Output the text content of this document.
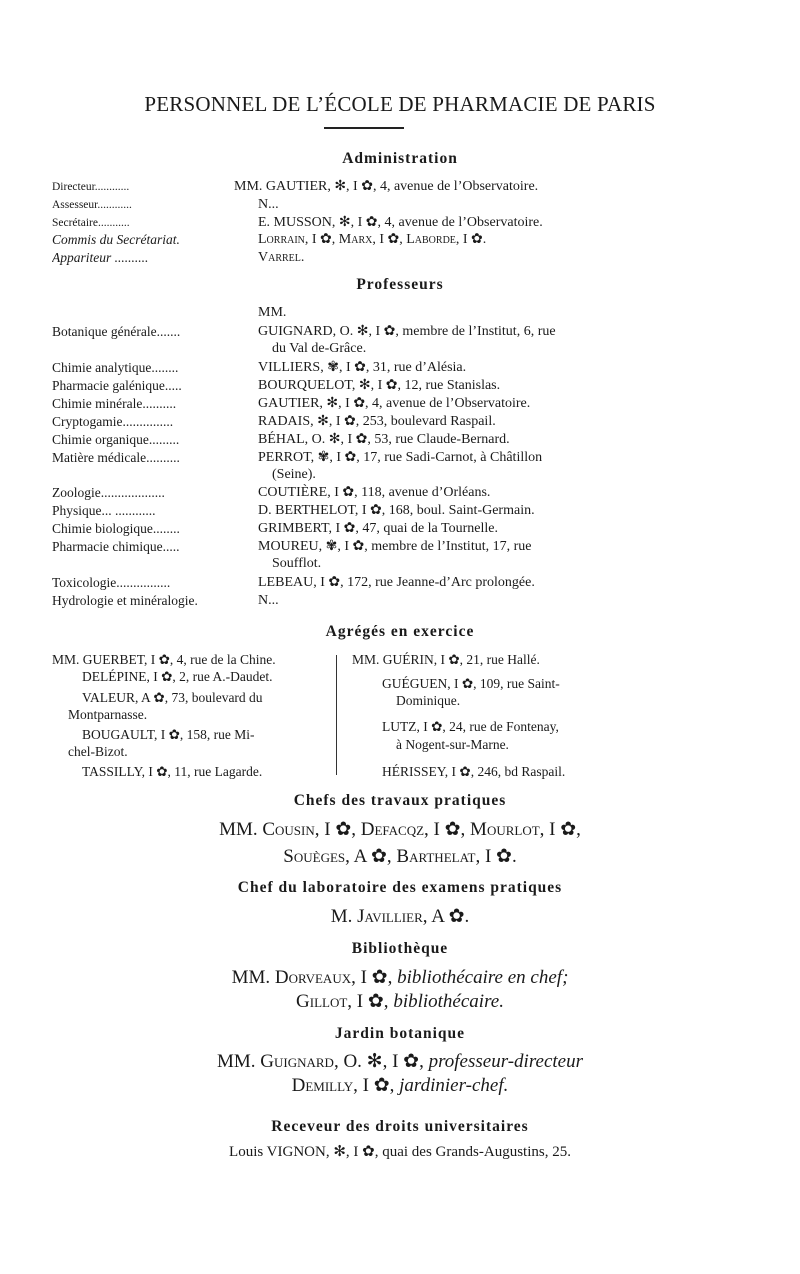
PERSONNEL DE L’ÉCOLE DE PHARMACIE DE PARIS
Administration
Directeur............	MM. GAUTIER, ✻, I ✿, 4, avenue de l’Observatoire.
Assesseur............	N...
Secrétaire...........	E. MUSSON, ✻, I ✿, 4, avenue de l’Observatoire.
Commis du Secrétariat.	Lorrain, I ✿, Marx, I ✿, Laborde, I ✿.
Appariteur ..........	Varrel.
Professeurs
MM.
Botanique générale.......	GUIGNARD, O. ✻, I ✿, membre de l’Institut, 6, rue
du Val de-Grâce.
Chimie analytique........	VILLIERS, ✾, I ✿, 31, rue d’Alésia.
Pharmacie galénique.....	BOURQUELOT, ✻, I ✿, 12, rue Stanislas.
Chimie minérale..........	GAUTIER, ✻, I ✿, 4, avenue de l’Observatoire.
Cryptogamie...............	RADAIS, ✻, I ✿, 253, boulevard Raspail.
Chimie organique.........	BÉHAL, O. ✻, I ✿, 53, rue Claude-Bernard.
Matière médicale..........	PERROT, ✾, I ✿, 17, rue Sadi-Carnot, à Châtillon
(Seine).
Zoologie...................	COUTIÈRE, I ✿, 118, avenue d’Orléans.
Physique... ............	D. BERTHELOT, I ✿, 168, boul. Saint-Germain.
Chimie biologique........	GRIMBERT, I ✿, 47, quai de la Tournelle.
Pharmacie chimique.....	MOUREU, ✾, I ✿, membre de l’Institut, 17, rue
Soufflot.
Toxicologie................	LEBEAU, I ✿, 172, rue Jeanne-d’Arc prolongée.
Hydrologie et minéralogie.	N...
Agrégés en exercice
MM. GUERBET, I ✿, 4, rue de la Chine.
DELÉPINE, I ✿, 2, rue A.-Daudet.
VALEUR, A ✿, 73, boulevard du
Montparnasse.
BOUGAULT, I ✿, 158, rue Mi-
chel-Bizot.
TASSILLY, I ✿, 11, rue Lagarde.
MM. GUÉRIN, I ✿, 21, rue Hallé.
GUÉGUEN, I ✿, 109, rue Saint-
Dominique.
LUTZ, I ✿, 24, rue de Fontenay,
à Nogent-sur-Marne.
HÉRISSEY, I ✿, 246, bd Raspail.
Chefs des travaux pratiques
MM. Cousin, I ✿, Defacqz, I ✿, Mourlot, I ✿,
Souèges, A ✿, Barthelat, I ✿.
Chef du laboratoire des examens pratiques
M. Javillier, A ✿.
Bibliothèque
MM. Dorveaux, I ✿, bibliothécaire en chef;
Gillot, I ✿, bibliothécaire.
Jardin botanique
MM. Guignard, O. ✻, I ✿, professeur-directeur
Demilly, I ✿, jardinier-chef.
Receveur des droits universitaires
Louis VIGNON, ✻, I ✿, quai des Grands-Augustins, 25.
